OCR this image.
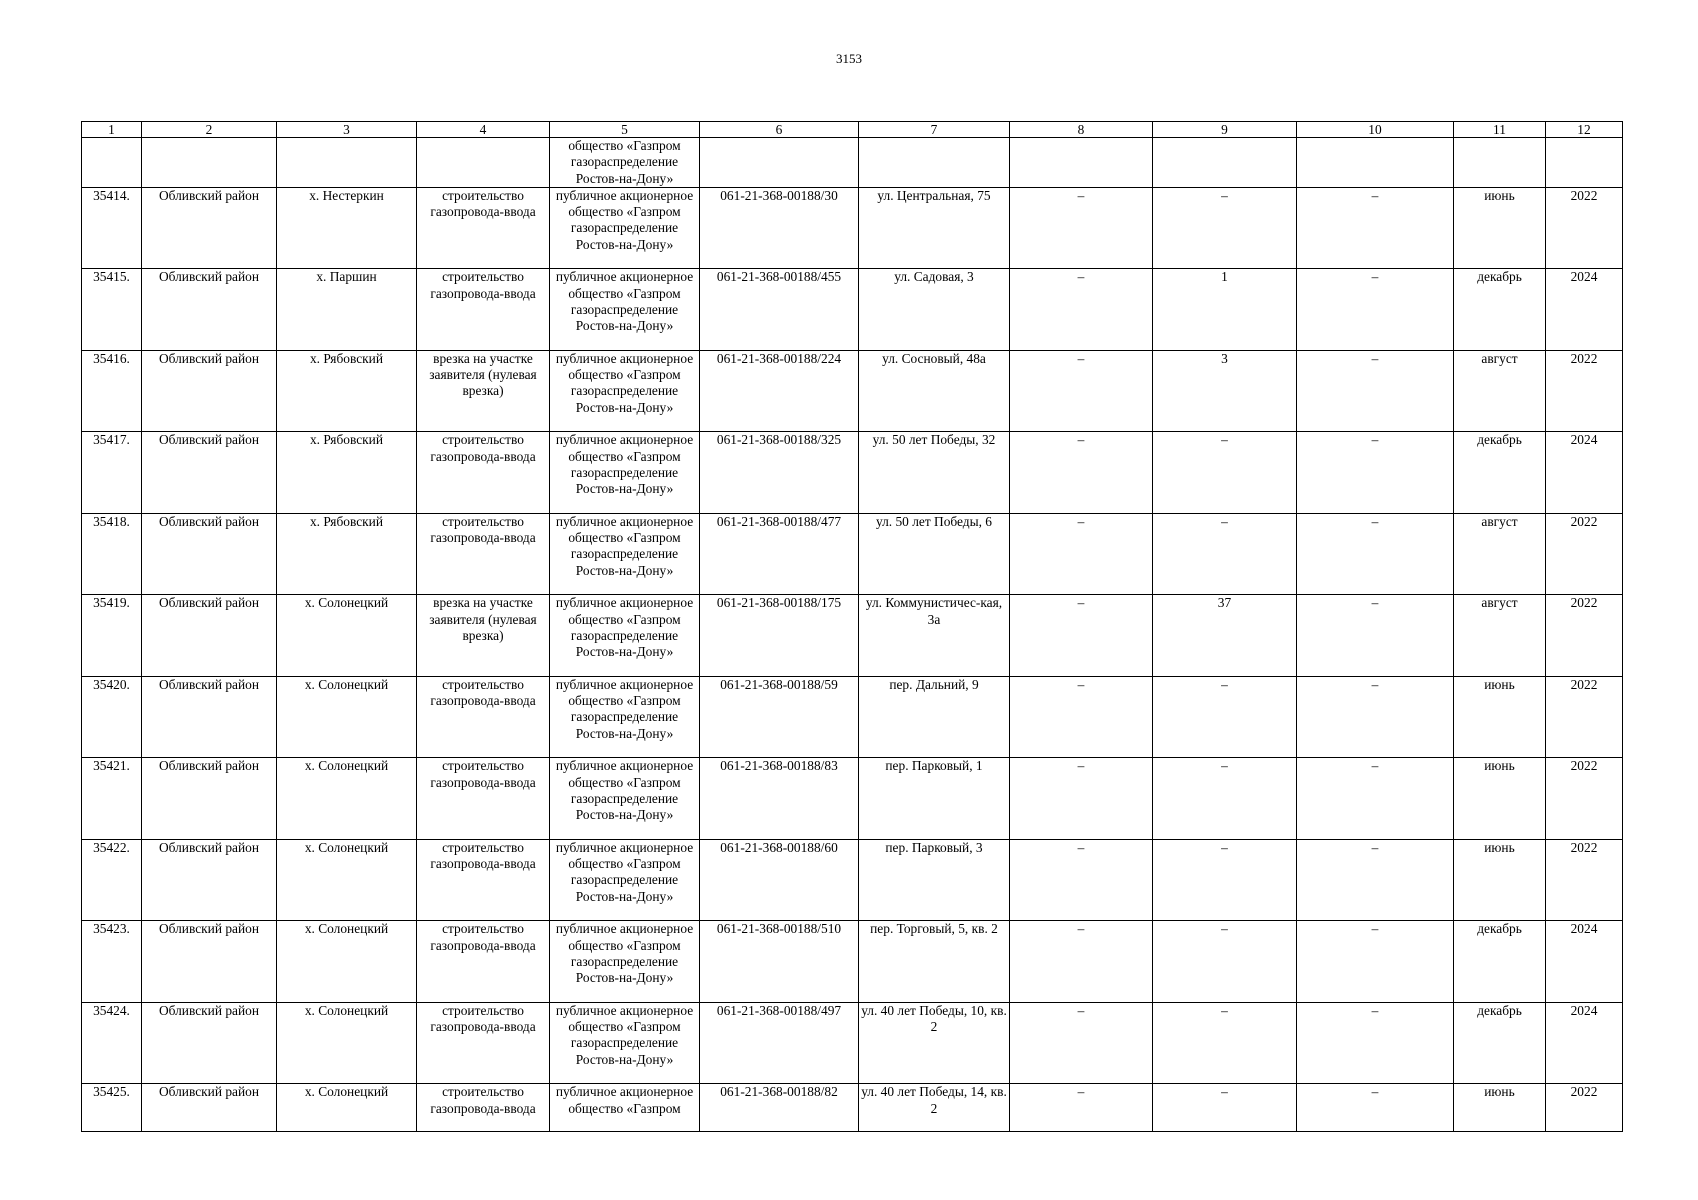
3153
1	2	3	4	5	6	7	8	9	10	11	12
				общество «Газпром газораспределение Ростов-на-Дону»							
35414.	Обливский район	х. Нестеркин	строительство газопровода-ввода	публичное акционерное общество «Газпром газораспределение Ростов-на-Дону»	061-21-368-00188/30	ул. Центральная, 75	–	–	–	июнь	2022
35415.	Обливский район	х. Паршин	строительство газопровода-ввода	публичное акционерное общество «Газпром газораспределение Ростов-на-Дону»	061-21-368-00188/455	ул. Садовая, 3	–	1	–	декабрь	2024
35416.	Обливский район	х. Рябовский	врезка на участке заявителя (нулевая врезка)	публичное акционерное общество «Газпром газораспределение Ростов-на-Дону»	061-21-368-00188/224	ул. Сосновый, 48а	–	3	–	август	2022
35417.	Обливский район	х. Рябовский	строительство газопровода-ввода	публичное акционерное общество «Газпром газораспределение Ростов-на-Дону»	061-21-368-00188/325	ул. 50 лет Победы, 32	–	–	–	декабрь	2024
35418.	Обливский район	х. Рябовский	строительство газопровода-ввода	публичное акционерное общество «Газпром газораспределение Ростов-на-Дону»	061-21-368-00188/477	ул. 50 лет Победы, 6	–	–	–	август	2022
35419.	Обливский район	х. Солонецкий	врезка на участке заявителя (нулевая врезка)	публичное акционерное общество «Газпром газораспределение Ростов-на-Дону»	061-21-368-00188/175	ул. Коммунистичес-кая, 3а	–	37	–	август	2022
35420.	Обливский район	х. Солонецкий	строительство газопровода-ввода	публичное акционерное общество «Газпром газораспределение Ростов-на-Дону»	061-21-368-00188/59	пер. Дальний, 9	–	–	–	июнь	2022
35421.	Обливский район	х. Солонецкий	строительство газопровода-ввода	публичное акционерное общество «Газпром газораспределение Ростов-на-Дону»	061-21-368-00188/83	пер. Парковый, 1	–	–	–	июнь	2022
35422.	Обливский район	х. Солонецкий	строительство газопровода-ввода	публичное акционерное общество «Газпром газораспределение Ростов-на-Дону»	061-21-368-00188/60	пер. Парковый, 3	–	–	–	июнь	2022
35423.	Обливский район	х. Солонецкий	строительство газопровода-ввода	публичное акционерное общество «Газпром газораспределение Ростов-на-Дону»	061-21-368-00188/510	пер. Торговый, 5, кв. 2	–	–	–	декабрь	2024
35424.	Обливский район	х. Солонецкий	строительство газопровода-ввода	публичное акционерное общество «Газпром газораспределение Ростов-на-Дону»	061-21-368-00188/497	ул. 40 лет Победы, 10, кв. 2	–	–	–	декабрь	2024
35425.	Обливский район	х. Солонецкий	строительство газопровода-ввода	публичное акционерное общество «Газпром	061-21-368-00188/82	ул. 40 лет Победы, 14, кв. 2	–	–	–	июнь	2022
